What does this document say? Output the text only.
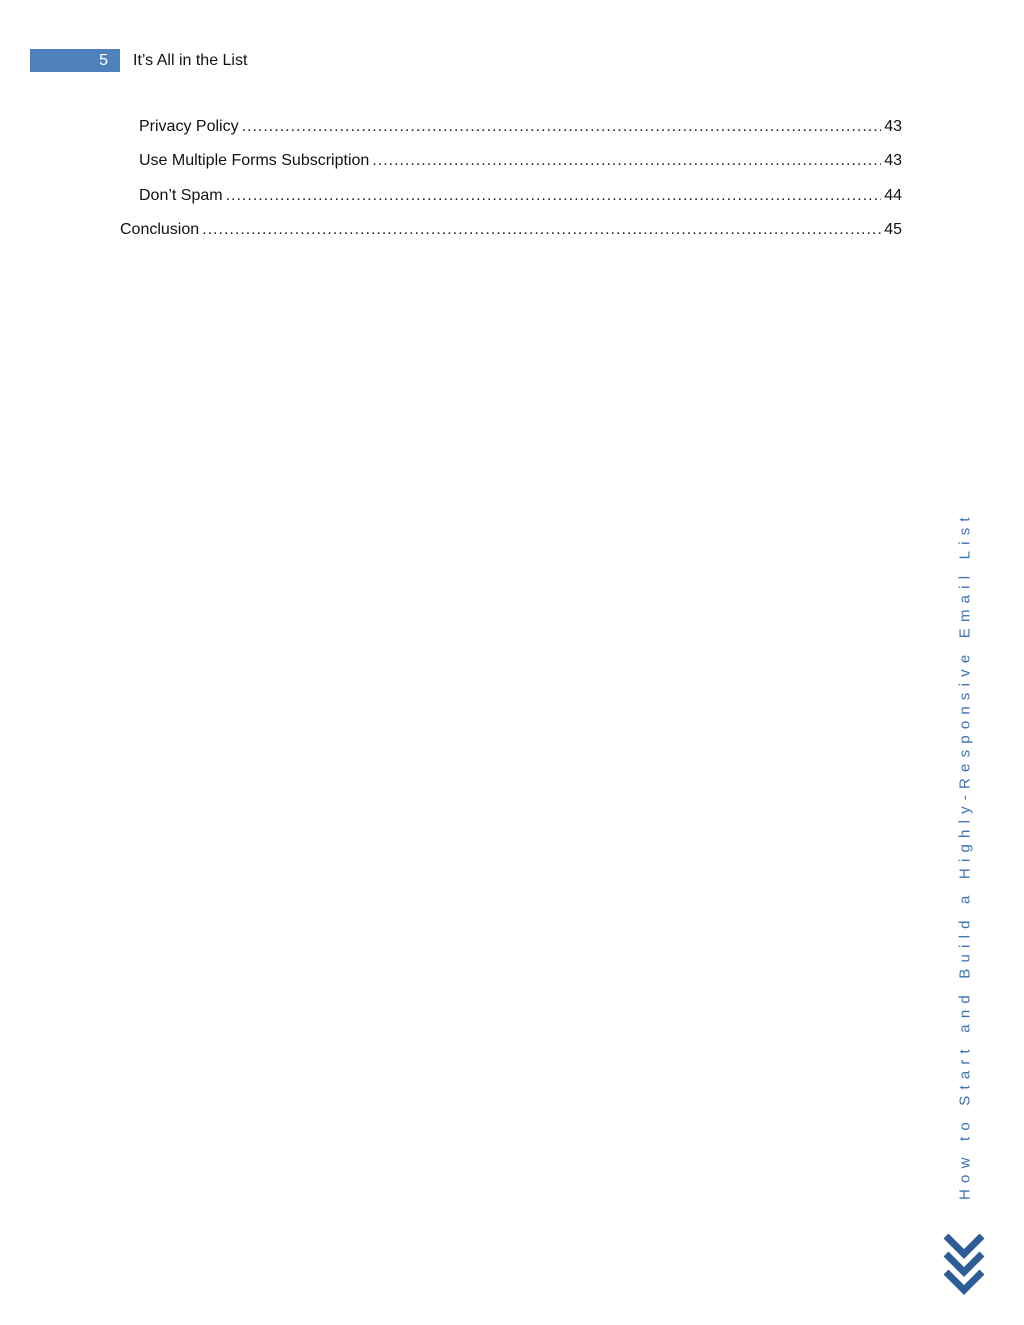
5 It’s All in the List
Privacy Policy .....	43
Use Multiple Forms Subscription .....	43
Don’t Spam .....	44
Conclusion .....	45
How to Start and Build a Highly-Responsive Email List
